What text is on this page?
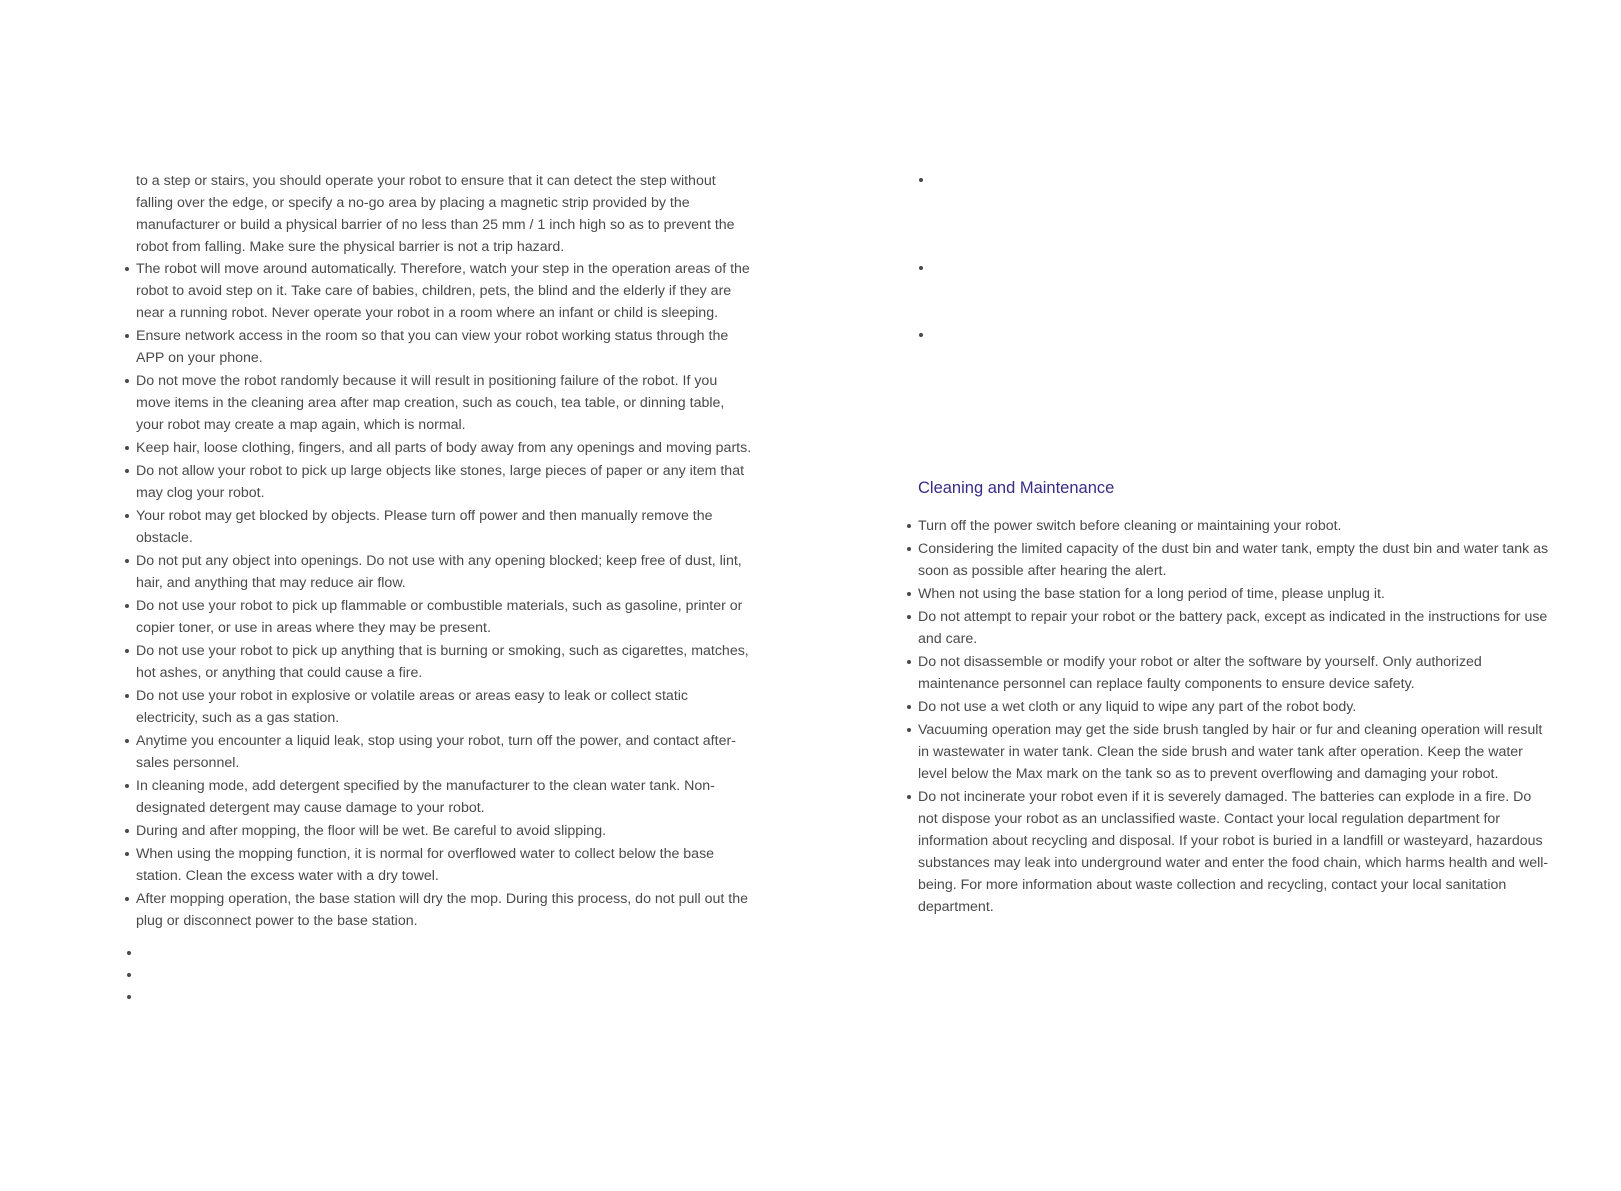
to a step or stairs, you should operate your robot to ensure that it can detect the step without falling over the edge, or specify a no-go area by placing a magnetic strip provided by the manufacturer or build a physical barrier of no less than 25 mm / 1 inch high so as to prevent the robot from falling. Make sure the physical barrier is not a trip hazard.

The robot will move around automatically. Therefore, watch your step in the operation areas of the robot to avoid step on it. Take care of babies, children, pets, the blind and the elderly if they are near a running robot. Never operate your robot in a room where an infant or child is sleeping.
Ensure network access in the room so that you can view your robot working status through the APP on your phone.
Do not move the robot randomly because it will result in positioning failure of the robot. If you move items in the cleaning area after map creation, such as couch, tea table, or dinning table, your robot may create a map again, which is normal.
Keep hair, loose clothing, fingers, and all parts of body away from any openings and moving parts.
Do not allow your robot to pick up large objects like stones, large pieces of paper or any item that may clog your robot.
Your robot may get blocked by objects. Please turn off power and then manually remove the obstacle.
Do not put any object into openings. Do not use with any opening blocked; keep free of dust, lint, hair, and anything that may reduce air flow.
Do not use your robot to pick up flammable or combustible materials, such as gasoline, printer or copier toner, or use in areas where they may be present.
Do not use your robot to pick up anything that is burning or smoking, such as cigarettes, matches, hot ashes, or anything that could cause a fire.
Do not use your robot in explosive or volatile areas or areas easy to leak or collect static electricity, such as a gas station.
Anytime you encounter a liquid leak, stop using your robot, turn off the power, and contact after-sales personnel.
In cleaning mode, add detergent specified by the manufacturer to the clean water tank. Non-designated detergent may cause damage to your robot.
During and after mopping, the floor will be wet. Be careful to avoid slipping.
When using the mopping function, it is normal for overflowed water to collect below the base station. Clean the excess water with a dry towel.
After mopping operation, the base station will dry the mop. During this process, do not pull out the plug or disconnect power to the base station.
Cleaning and Maintenance
Turn off the power switch before cleaning or maintaining your robot.
Considering the limited capacity of the dust bin and water tank, empty the dust bin and water tank as soon as possible after hearing the alert.
When not using the base station for a long period of time, please unplug it.
Do not attempt to repair your robot or the battery pack, except as indicated in the instructions for use and care.
Do not disassemble or modify your robot or alter the software by yourself. Only authorized maintenance personnel can replace faulty components to ensure device safety.
Do not use a wet cloth or any liquid to wipe any part of the robot body.
Vacuuming operation may get the side brush tangled by hair or fur and cleaning operation will result in wastewater in water tank. Clean the side brush and water tank after operation. Keep the water level below the Max mark on the tank so as to prevent overflowing and damaging your robot.
Do not incinerate your robot even if it is severely damaged. The batteries can explode in a fire. Do not dispose your robot as an unclassified waste. Contact your local regulation department for information about recycling and disposal. If your robot is buried in a landfill or wasteyard, hazardous substances may leak into underground water and enter the food chain, which harms health and well-being. For more information about waste collection and recycling, contact your local sanitation department.
